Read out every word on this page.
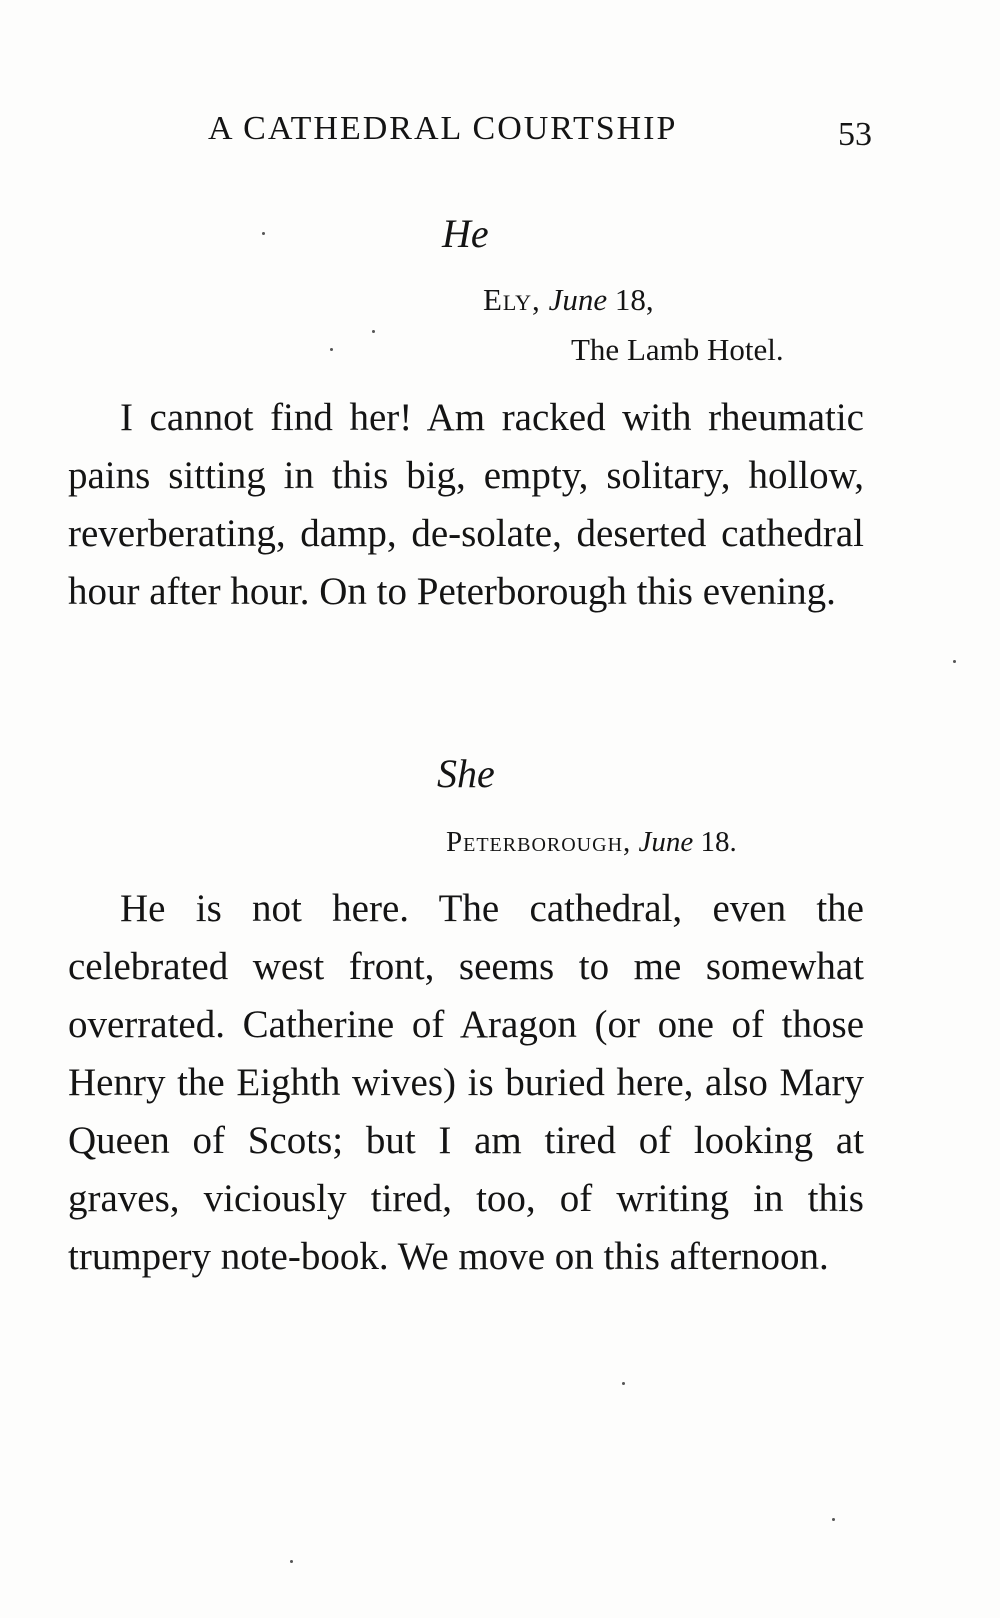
A CATHEDRAL COURTSHIP	53
He
Ely, June 18,
The Lamb Hotel.
I cannot find her! Am racked with rheumatic pains sitting in this big, empty, solitary, hollow, reverberating, damp, de-solate, deserted cathedral hour after hour. On to Peterborough this evening.
She
Peterborough, June 18.
He is not here. The cathedral, even the celebrated west front, seems to me somewhat overrated. Catherine of Aragon (or one of those Henry the Eighth wives) is buried here, also Mary Queen of Scots; but I am tired of looking at graves, viciously tired, too, of writing in this trumpery note-book. We move on this afternoon.
